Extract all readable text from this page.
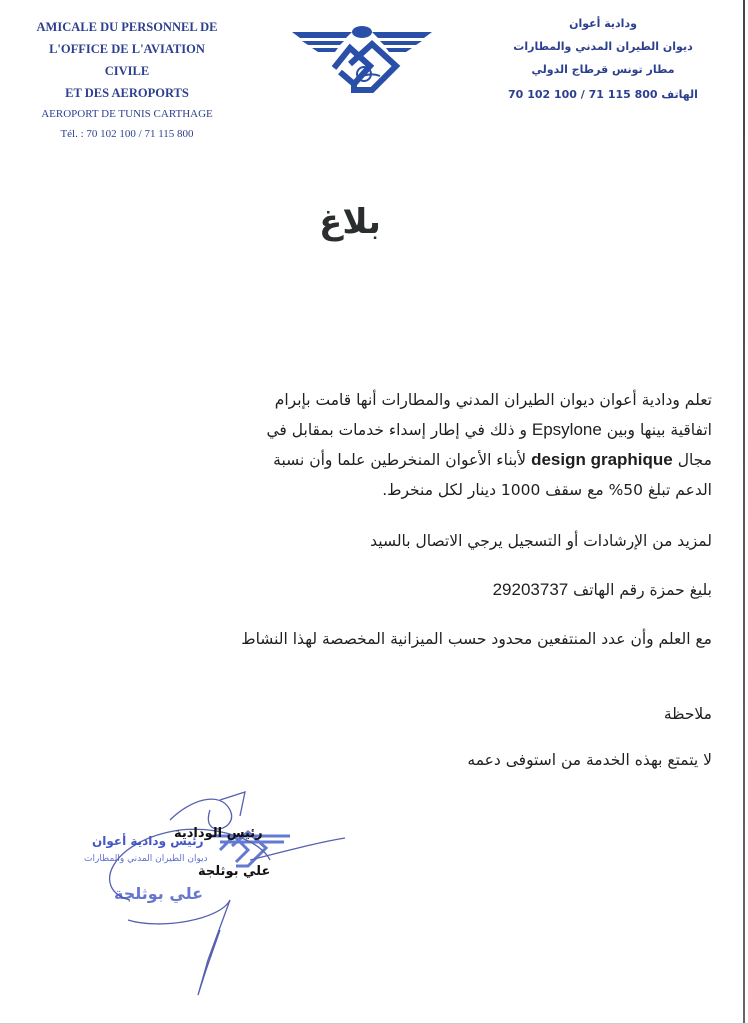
AMICALE DU PERSONNEL DE
L'OFFICE DE L'AVIATION CIVILE
ET DES AEROPORTS
AEROPORT DE TUNIS CARTHAGE
Tél. : 70 102 100 / 71 115 800
ودادية أعوان
ديوان الطيران المدني والمطارات
مطار تونس قرطاج الدولي
الهاتف 800 115 71 / 100 102 70
بلاغ
تعلم ودادية أعوان ديوان الطيران المدني والمطارات أنها قامت بإبرام
اتفاقية بينها وبين Epsylone و ذلك في إطار إسداء خدمات بمقابل في
مجال design graphique لأبناء الأعوان المنخرطين علما وأن نسبة
الدعم تبلغ 50% مع سقف 1000 دينار لكل منخرط.
لمزيد من الإرشادات أو التسجيل يرجي الاتصال بالسيد
بليغ حمزة رقم الهاتف 29203737
مع العلم وأن عدد المنتفعين محدود حسب الميزانية المخصصة لهذا النشاط
ملاحظة
لا يتمتع بهذه الخدمة من استوفى دعمه
رئيس ودادية أعوان
ديوان الطيران المدني والمطارات
علي بوثلجة
رئيس الودادية
علي بوثلجة
